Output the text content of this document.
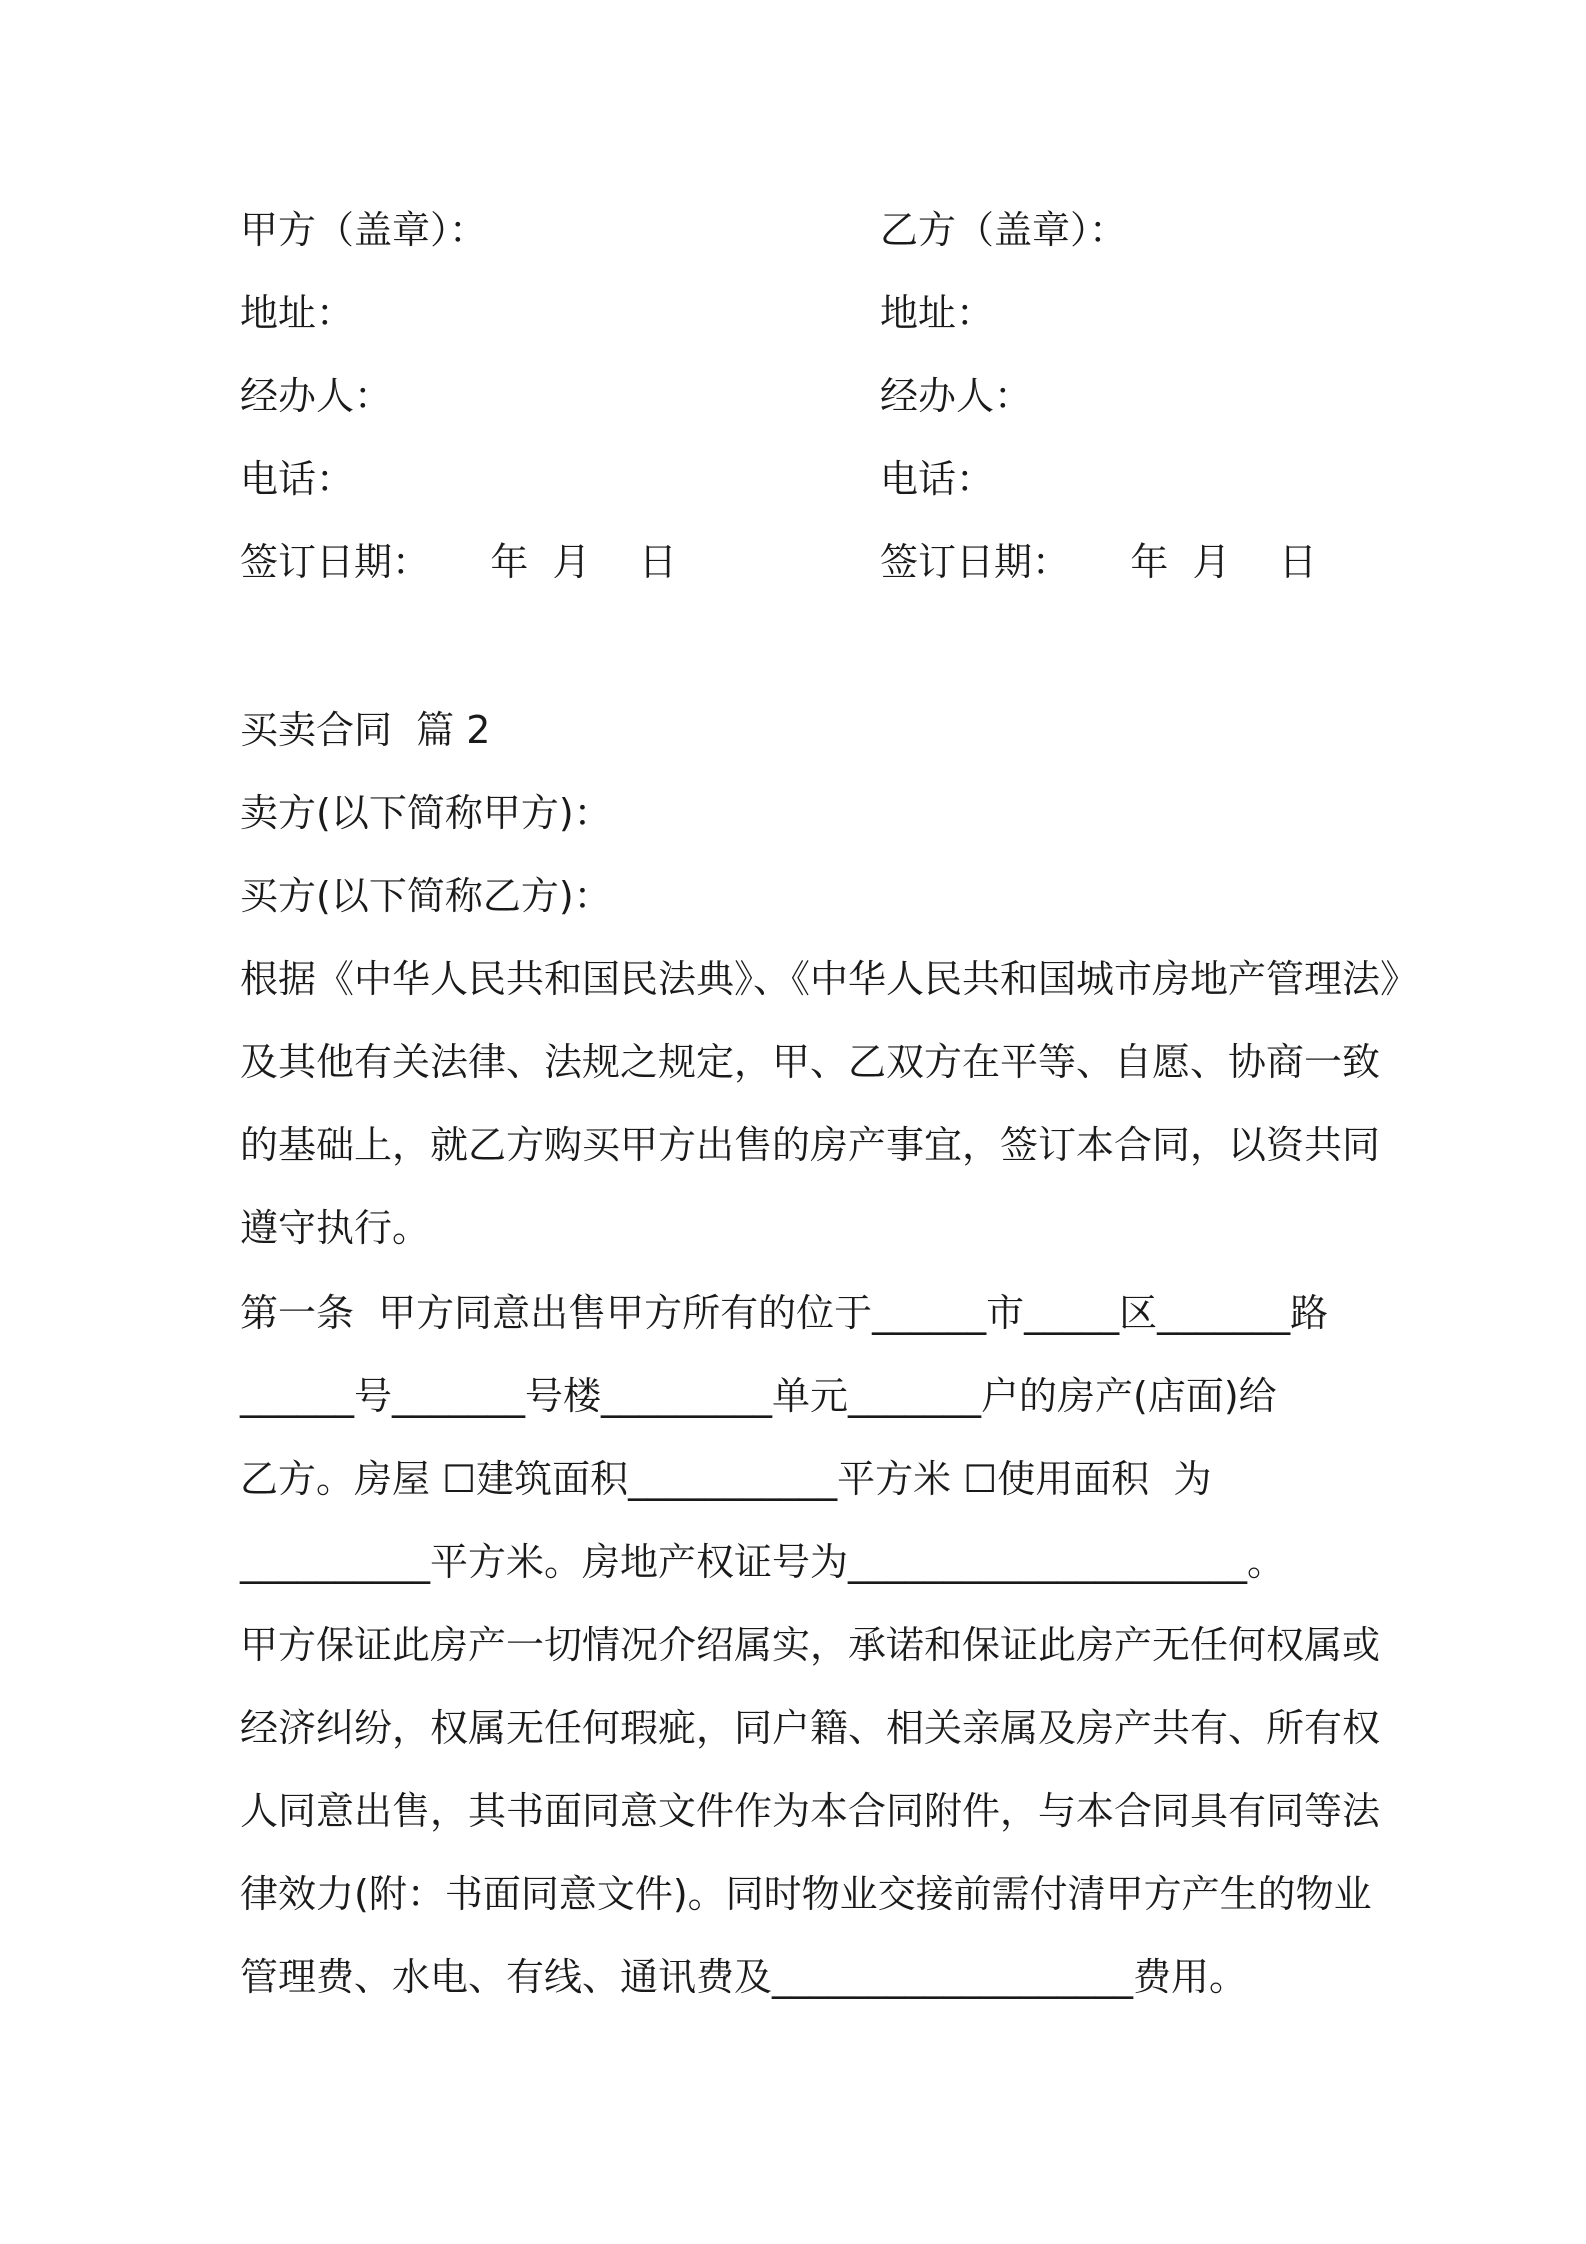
甲方（盖章）：	乙方（盖章）：
地址：	地址：
经办人：	经办人：
电话：	电话：
签订日期：     年  月    日	签订日期：     年  月    日
买卖合同  篇 2
卖方(以下简称甲方)：
买方(以下简称乙方)：
根据《中华人民共和国民法典》、《中华人民共和国城市房地产管理法》
及其他有关法律、法规之规定，甲、乙双方在平等、自愿、协商一致
的基础上，就乙方购买甲方出售的房产事宜，签订本合同，以资共同
遵守执行。
第一条  甲方同意出售甲方所有的位于______市_____区_______路
______号_______号楼_________单元_______户的房产(店面)给
乙方。房屋 ☐建筑面积___________平方米 ☐使用面积  为
__________平方米。房地产权证号为_____________________。
甲方保证此房产一切情况介绍属实，承诺和保证此房产无任何权属或
经济纠纷，权属无任何瑕疵，同户籍、相关亲属及房产共有、所有权
人同意出售，其书面同意文件作为本合同附件，与本合同具有同等法
律效力(附：书面同意文件)。同时物业交接前需付清甲方产生的物业
管理费、水电、有线、通讯费及___________________费用。
